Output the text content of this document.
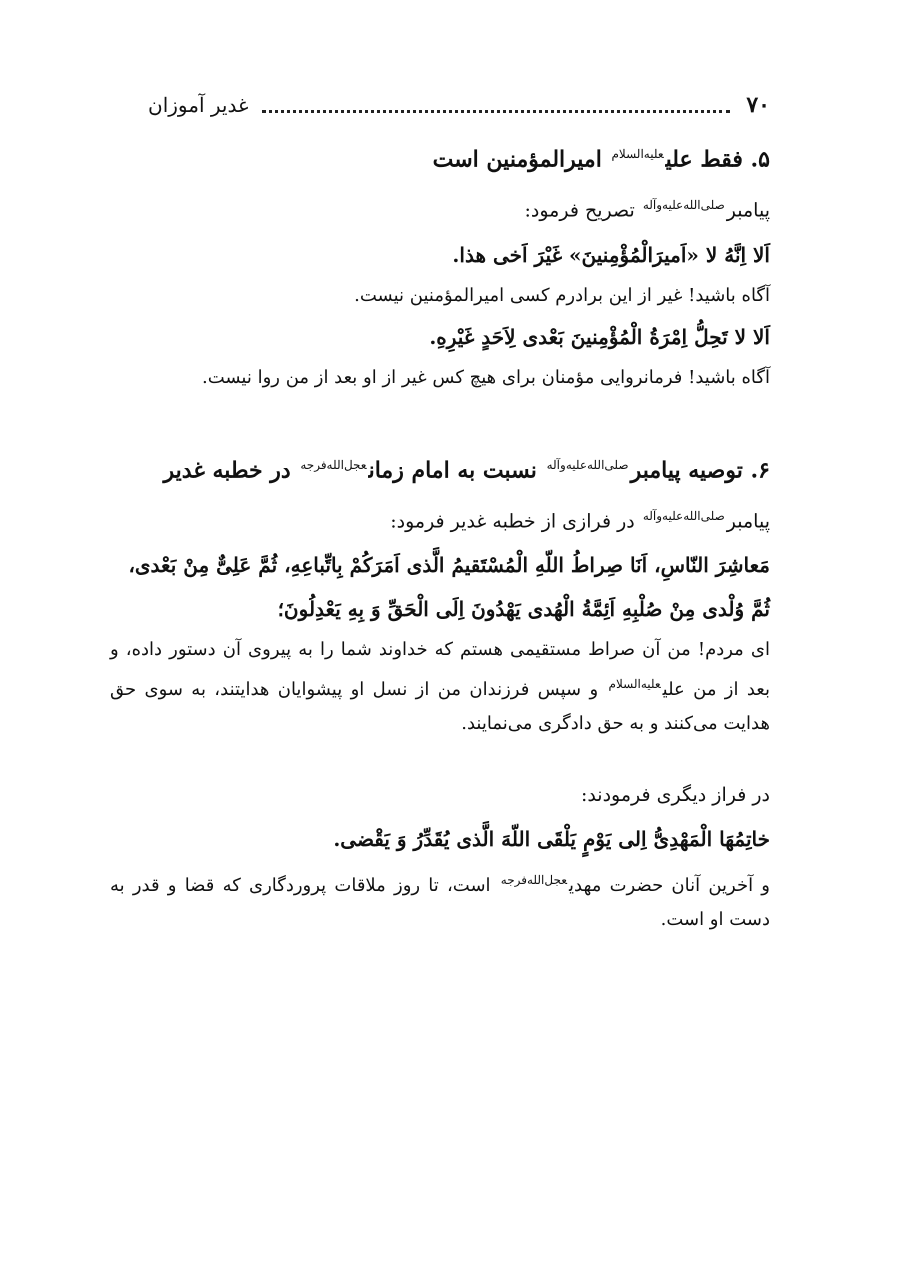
۷۰
غدیر آموزان
۵. فقط علی$^{علیه‌السلام}$ امیرالمؤمنین است
پیامبر$^{صلی‌الله‌علیه‌وآله}$ تصریح فرمود:
اَلا اِنَّهُ لا «اَمیرَالْمُؤْمِنینَ» غَیْرَ اَخی هذا.
آگاه باشید! غیر از این برادرم کسی امیرالمؤمنین نیست.
اَلا لا تَحِلُّ اِمْرَةُ الْمُؤْمِنینَ بَعْدی لِاَحَدٍ غَیْرِهِ.
آگاه باشید! فرمانروایی مؤمنان برای هیچ کس غیر از او بعد از من روا نیست.
۶. توصیه پیامبر$^{صلی‌الله‌علیه‌وآله}$ نسبت به امام زمان$^{عجل‌الله‌فرجه}$ در خطبه غدیر
پیامبر$^{صلی‌الله‌علیه‌وآله}$ در فرازی از خطبه غدیر فرمود:
مَعاشِرَ النّاسِ، اَنَا صِراطُ اللّهِ الْمُسْتَقیمُ الَّذی اَمَرَکُمْ بِاتِّباعِهِ، ثُمَّ عَلِیٌّ مِنْ بَعْدی، ثُمَّ وُلْدی مِنْ صُلْبِهِ اَئِمَّةُ الْهُدی یَهْدُونَ اِلَی الْحَقِّ وَ بِهِ یَعْدِلُونَ؛
ای مردم! من آن صراط مستقیمی هستم که خداوند شما را به پیروی آن دستور داده، و بعد از من علی$^{علیه‌السلام}$ و سپس فرزندان من از نسل او پیشوایان هدایتند، به سوی حق هدایت می‌کنند و به حق دادگری می‌نمایند.
در فراز دیگری فرمودند:
خاتِمُهَا الْمَهْدِیُّ اِلی یَوْمٍ یَلْقَی اللّهَ الَّذی یُقَدِّرُ وَ یَقْضی.
و آخرین آنان حضرت مهدی$^{عجل‌الله‌فرجه}$ است، تا روز ملاقات پروردگاری که قضا و قدر به دست او است.
